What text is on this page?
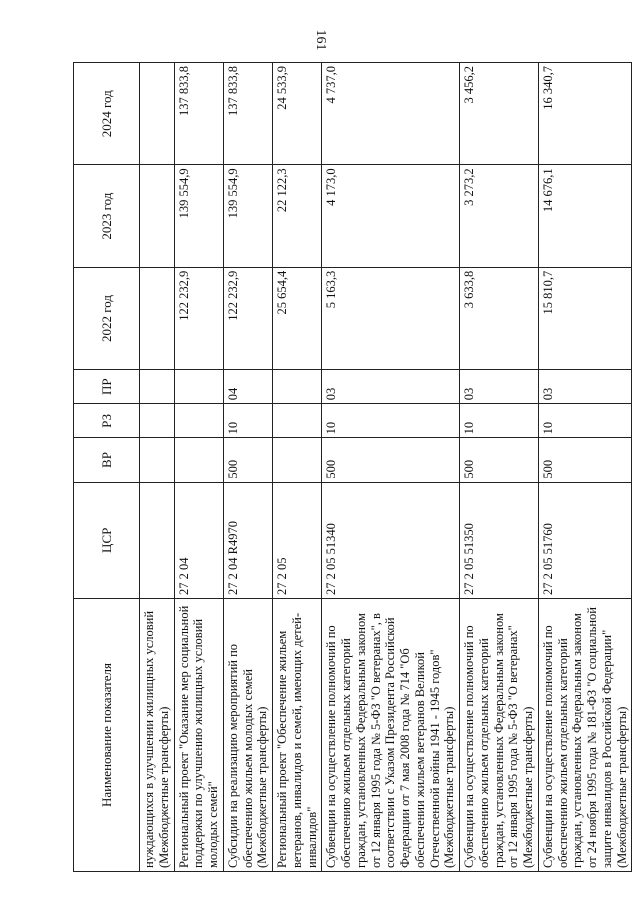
161
Наименование показателя	ЦСР	ВР	РЗ	ПР	2022 год	2023 год	2024 год
нуждающихся в улучшении жилищных условий (Межбюджетные трансферты)							
Региональный проект "Оказание мер социальной поддержки по улучшению жилищных условий молодых семей"	27 2 04				122 232,9	139 554,9	137 833,8
Субсидии на реализацию мероприятий по обеспечению жильем молодых семей (Межбюджетные трансферты)	27 2 04 R4970	500	10	04	122 232,9	139 554,9	137 833,8
Региональный проект "Обеспечение жильем ветеранов, инвалидов и семей, имеющих детей-инвалидов"	27 2 05				25 654,4	22 122,3	24 533,9
Субвенции на осуществление полномочий по обеспечению жильем отдельных категорий граждан, установленных Федеральным законом от 12 января 1995 года № 5-ФЗ "О ветеранах", в соответствии с Указом Президента Российской Федерации от 7 мая 2008 года № 714 "Об обеспечении жильем ветеранов Великой Отечественной войны 1941 - 1945 годов" (Межбюджетные трансферты)	27 2 05 51340	500	10	03	5 163,3	4 173,0	4 737,0
Субвенции на осуществление полномочий по обеспечению жильем отдельных категорий граждан, установленных Федеральным законом от 12 января 1995 года № 5-ФЗ "О ветеранах" (Межбюджетные трансферты)	27 2 05 51350	500	10	03	3 633,8	3 273,2	3 456,2
Субвенции на осуществление полномочий по обеспечению жильем отдельных категорий граждан, установленных Федеральным законом от 24 ноября 1995 года № 181-ФЗ "О социальной защите инвалидов в Российской Федерации" (Межбюджетные трансферты)	27 2 05 51760	500	10	03	15 810,7	14 676,1	16 340,7
